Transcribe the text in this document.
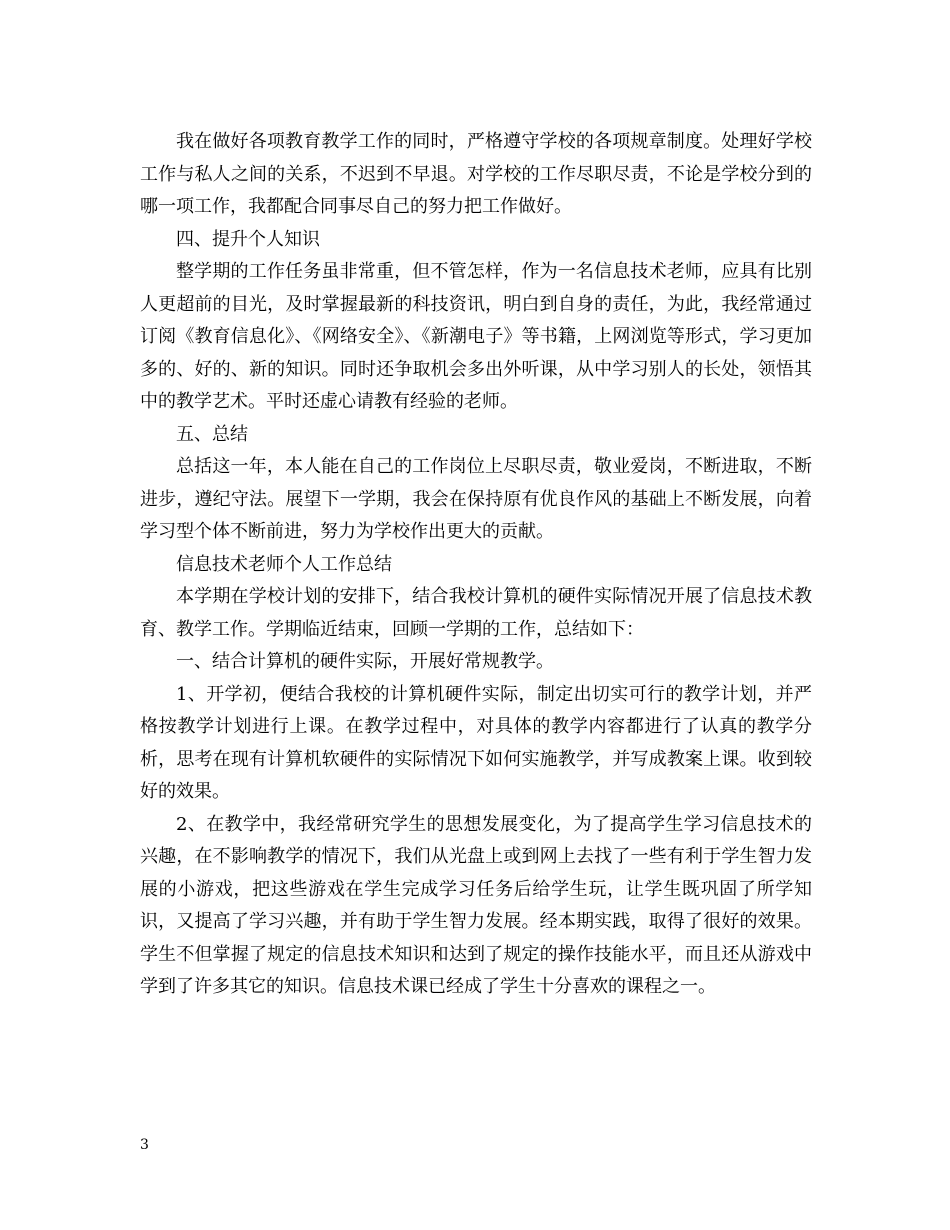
我在做好各项教育教学工作的同时，严格遵守学校的各项规章制度。处理好学校工作与私人之间的关系，不迟到不早退。对学校的工作尽职尽责，不论是学校分到的哪一项工作，我都配合同事尽自己的努力把工作做好。

四、提升个人知识

整学期的工作任务虽非常重，但不管怎样，作为一名信息技术老师，应具有比别人更超前的目光，及时掌握最新的科技资讯，明白到自身的责任，为此，我经常通过订阅《教育信息化》、《网络安全》、《新潮电子》等书籍，上网浏览等形式，学习更加多的、好的、新的知识。同时还争取机会多出外听课，从中学习别人的长处，领悟其中的教学艺术。平时还虚心请教有经验的老师。

五、总结

总括这一年，本人能在自己的工作岗位上尽职尽责，敬业爱岗，不断进取，不断进步，遵纪守法。展望下一学期，我会在保持原有优良作风的基础上不断发展，向着学习型个体不断前进，努力为学校作出更大的贡献。

信息技术老师个人工作总结

本学期在学校计划的安排下，结合我校计算机的硬件实际情况开展了信息技术教育、教学工作。学期临近结束，回顾一学期的工作，总结如下：

一、结合计算机的硬件实际，开展好常规教学。

1、开学初，便结合我校的计算机硬件实际，制定出切实可行的教学计划，并严格按教学计划进行上课。在教学过程中，对具体的教学内容都进行了认真的教学分析，思考在现有计算机软硬件的实际情况下如何实施教学，并写成教案上课。收到较好的效果。

2、在教学中，我经常研究学生的思想发展变化，为了提高学生学习信息技术的兴趣，在不影响教学的情况下，我们从光盘上或到网上去找了一些有利于学生智力发展的小游戏，把这些游戏在学生完成学习任务后给学生玩，让学生既巩固了所学知识，又提高了学习兴趣，并有助于学生智力发展。经本期实践，取得了很好的效果。学生不但掌握了规定的信息技术知识和达到了规定的操作技能水平，而且还从游戏中学到了许多其它的知识。信息技术课已经成了学生十分喜欢的课程之一。

3
